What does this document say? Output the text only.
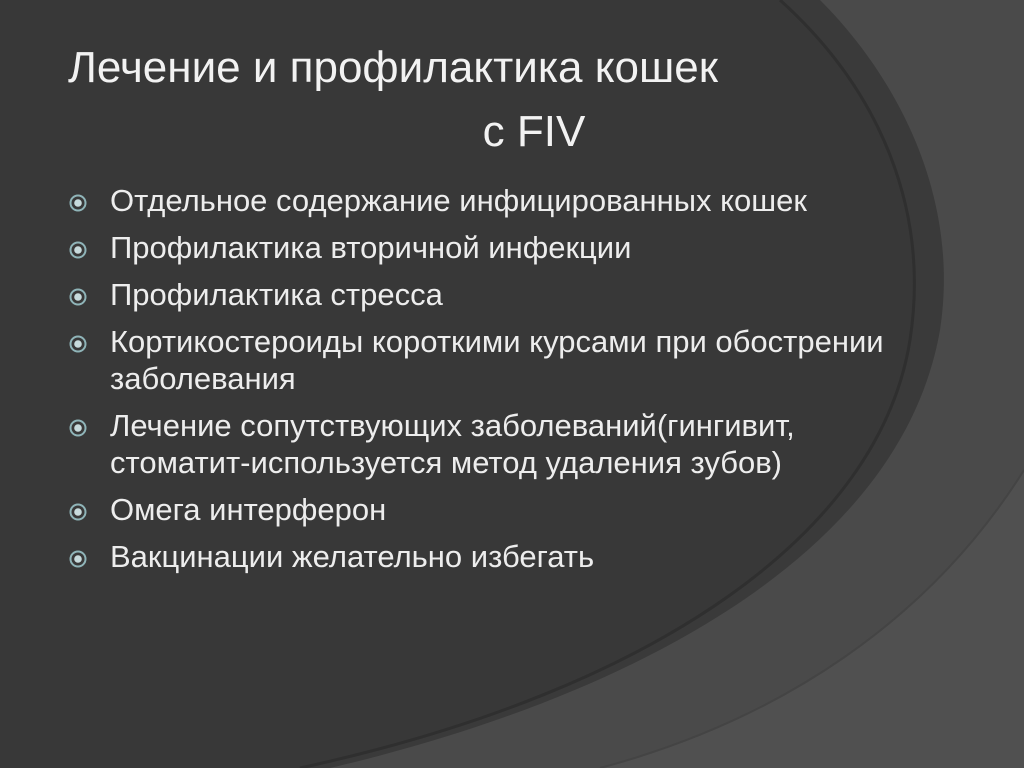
Лечение и профилактика кошек
с FIV
Отдельное содержание инфицированных кошек
Профилактика вторичной инфекции
Профилактика стресса
Кортикостероиды короткими курсами при обострении заболевания
Лечение сопутствующих заболеваний(гингивит, стоматит-используется метод удаления зубов)
Омега интерферон
Вакцинации желательно избегать
